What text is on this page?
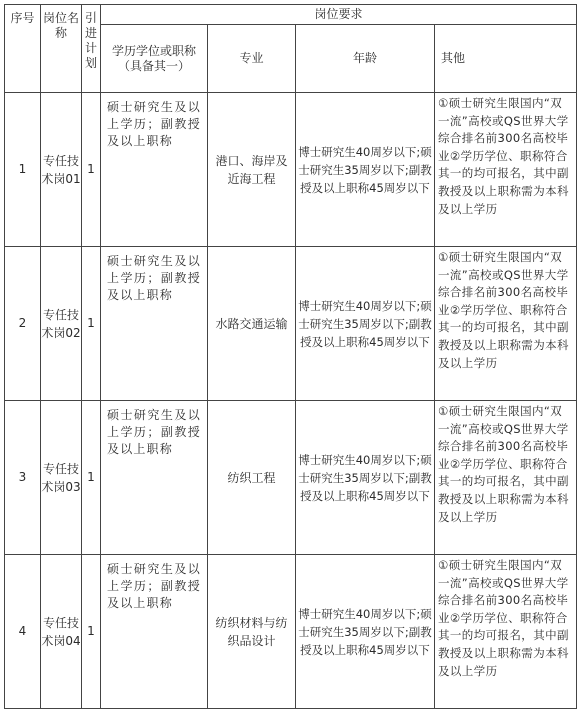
序号	岗位名称	引进计划	岗位要求			
			学历学位或职称（具备其一）	专业	年龄	其他
1	专任技术岗01	1	硕士研究生及以上学历；副教授及以上职称	港口、海岸及近海工程	博士研究生40周岁以下;硕士研究生35周岁以下;副教授及以上职称45周岁以下	①硕士研究生限国内“双一流”高校或QS世界大学综合排名前300名高校毕业②学历学位、职称符合其一的均可报名，其中副教授及以上职称需为本科及以上学历
2	专任技术岗02	1	硕士研究生及以上学历；副教授及以上职称	水路交通运输	博士研究生40周岁以下;硕士研究生35周岁以下;副教授及以上职称45周岁以下	①硕士研究生限国内“双一流”高校或QS世界大学综合排名前300名高校毕业②学历学位、职称符合其一的均可报名，其中副教授及以上职称需为本科及以上学历
3	专任技术岗03	1	硕士研究生及以上学历；副教授及以上职称	纺织工程	博士研究生40周岁以下;硕士研究生35周岁以下;副教授及以上职称45周岁以下	①硕士研究生限国内“双一流”高校或QS世界大学综合排名前300名高校毕业②学历学位、职称符合其一的均可报名，其中副教授及以上职称需为本科及以上学历
4	专任技术岗04	1	硕士研究生及以上学历；副教授及以上职称	纺织材料与纺织品设计	博士研究生40周岁以下;硕士研究生35周岁以下;副教授及以上职称45周岁以下	①硕士研究生限国内“双一流”高校或QS世界大学综合排名前300名高校毕业②学历学位、职称符合其一的均可报名，其中副教授及以上职称需为本科及以上学历
